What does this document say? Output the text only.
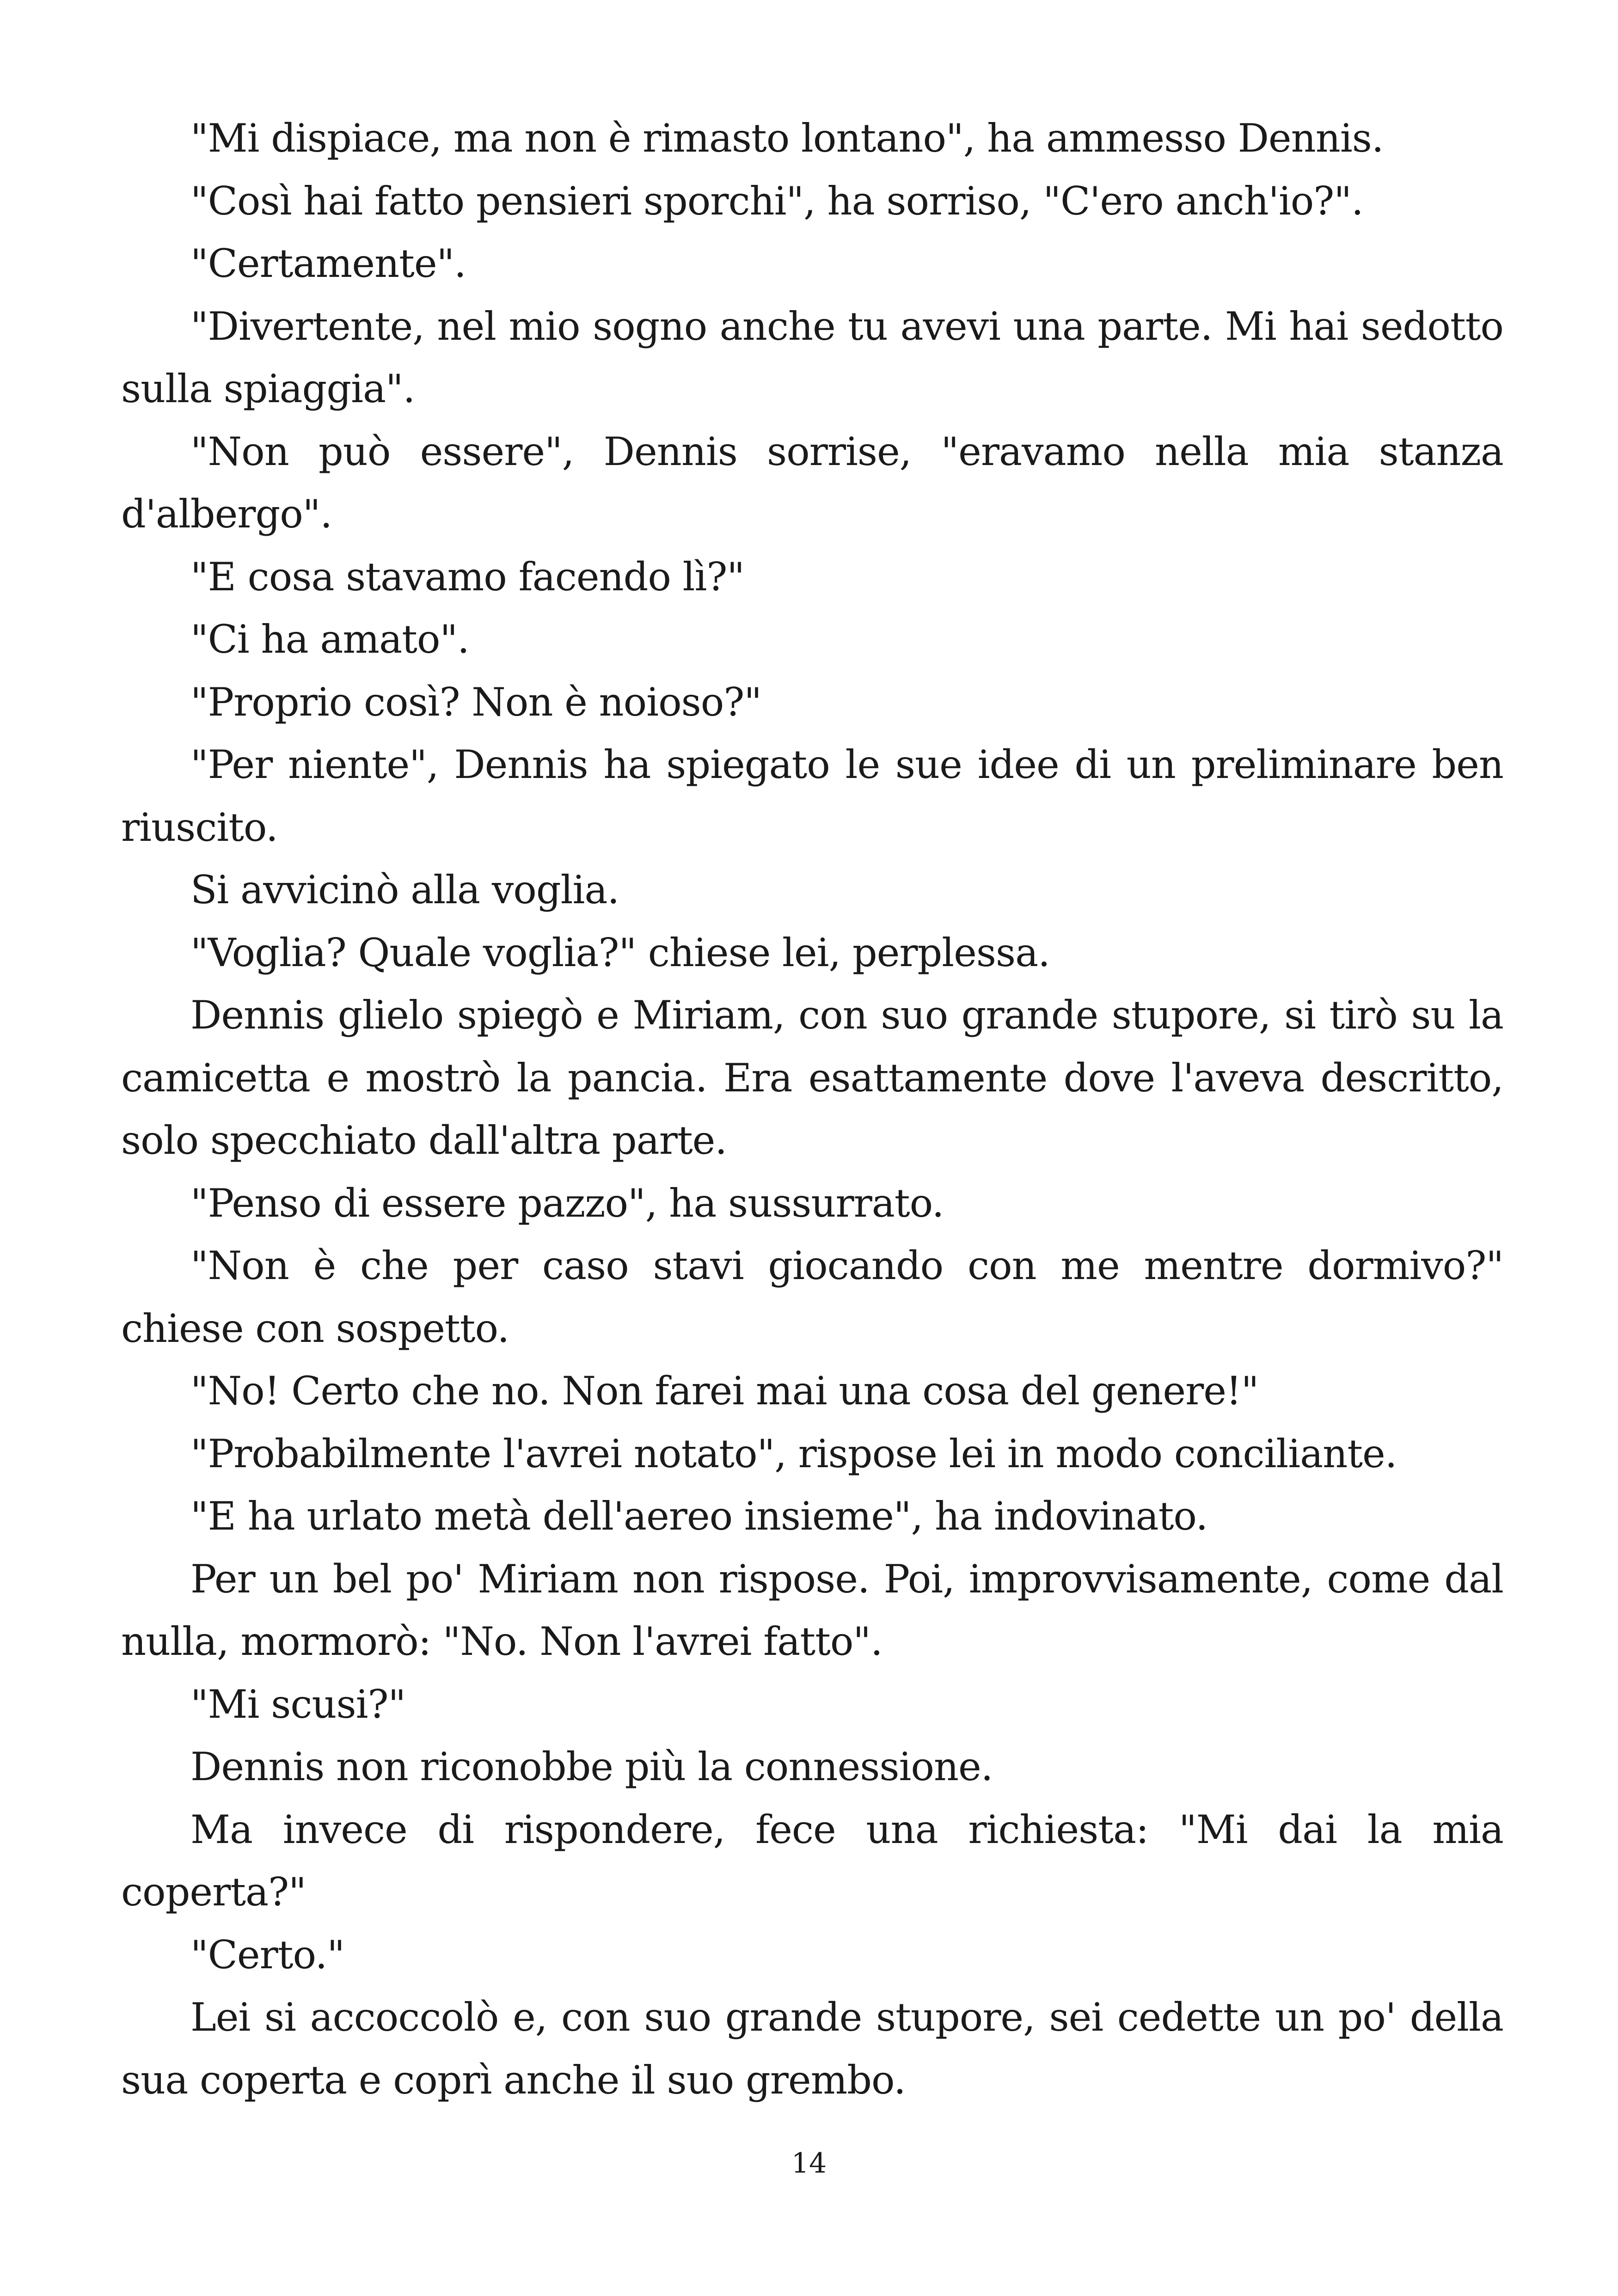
"Mi dispiace, ma non è rimasto lontano", ha ammesso Dennis.

"Così hai fatto pensieri sporchi", ha sorriso, "C'ero anch'io?".

"Certamente".

"Divertente, nel mio sogno anche tu avevi una parte. Mi hai sedotto sulla spiaggia".

"Non può essere", Dennis sorrise, "eravamo nella mia stanza d'albergo".

"E cosa stavamo facendo lì?"

"Ci ha amato".

"Proprio così? Non è noioso?"

"Per niente", Dennis ha spiegato le sue idee di un preliminare ben riuscito.

Si avvicinò alla voglia.

"Voglia? Quale voglia?" chiese lei, perplessa.

Dennis glielo spiegò e Miriam, con suo grande stupore, si tirò su la camicetta e mostrò la pancia. Era esattamente dove l'aveva descritto, solo specchiato dall'altra parte.

"Penso di essere pazzo", ha sussurrato.

"Non è che per caso stavi giocando con me mentre dormivo?" chiese con sospetto.

"No! Certo che no. Non farei mai una cosa del genere!"

"Probabilmente l'avrei notato", rispose lei in modo conciliante.

"E ha urlato metà dell'aereo insieme", ha indovinato.

Per un bel po' Miriam non rispose. Poi, improvvisamente, come dal nulla, mormorò: "No. Non l'avrei fatto".

"Mi scusi?"

Dennis non riconobbe più la connessione.

Ma invece di rispondere, fece una richiesta: "Mi dai la mia coperta?"

"Certo."

Lei si accoccolò e, con suo grande stupore, sei cedette un po' della sua coperta e coprì anche il suo grembo.

14
